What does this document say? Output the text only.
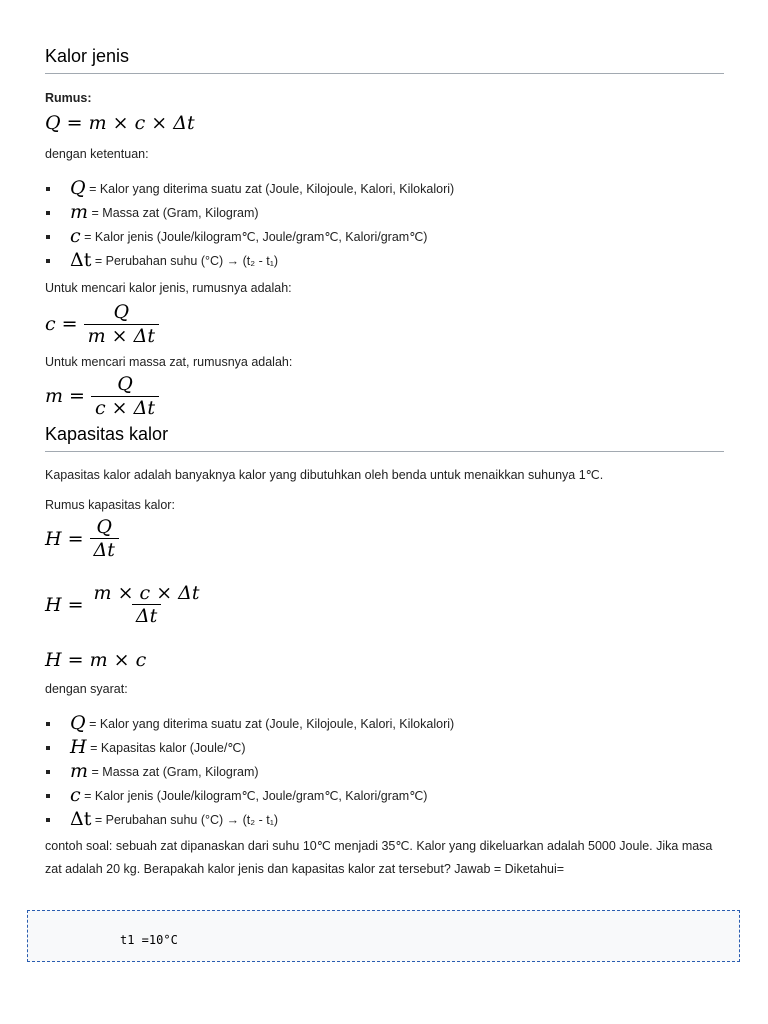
Kalor jenis

Rumus:

Q = m × c × Δt

dengan ketentuan:

Q = Kalor yang diterima suatu zat (Joule, Kilojoule, Kalori, Kilokalori)
m = Massa zat (Gram, Kilogram)
c = Kalor jenis (Joule/kilogram℃, Joule/gram℃, Kalori/gram℃)
Δt = Perubahan suhu (°C) → (t₂ - t₁)

Untuk mencari kalor jenis, rumusnya adalah:

$c = \frac{Q}{m \times \Delta t}$

Untuk mencari massa zat, rumusnya adalah:

$m = \frac{Q}{c \times \Delta t}$
Kapasitas kalor

Kapasitas kalor adalah banyaknya kalor yang dibutuhkan oleh benda untuk menaikkan suhunya 1℃.

Rumus kapasitas kalor:

$H = \frac{Q}{\Delta t}$
$H = \frac{m \times c \times \Delta t}{\Delta t}$
H = m × c

dengan syarat:

Q = Kalor yang diterima suatu zat (Joule, Kilojoule, Kalori, Kilokalori)
H = Kapasitas kalor (Joule/℃)
m = Massa zat (Gram, Kilogram)
c = Kalor jenis (Joule/kilogram℃, Joule/gram℃, Kalori/gram℃)
Δt = Perubahan suhu (°C) → (t₂ - t₁)

contoh soal: sebuah zat dipanaskan dari suhu 10℃ menjadi 35℃. Kalor yang dikeluarkan adalah 5000 Joule. Jika masa

zat adalah 20 kg. Berapakah kalor jenis dan kapasitas kalor zat tersebut? Jawab = Diketahui=

t1 =10°C
